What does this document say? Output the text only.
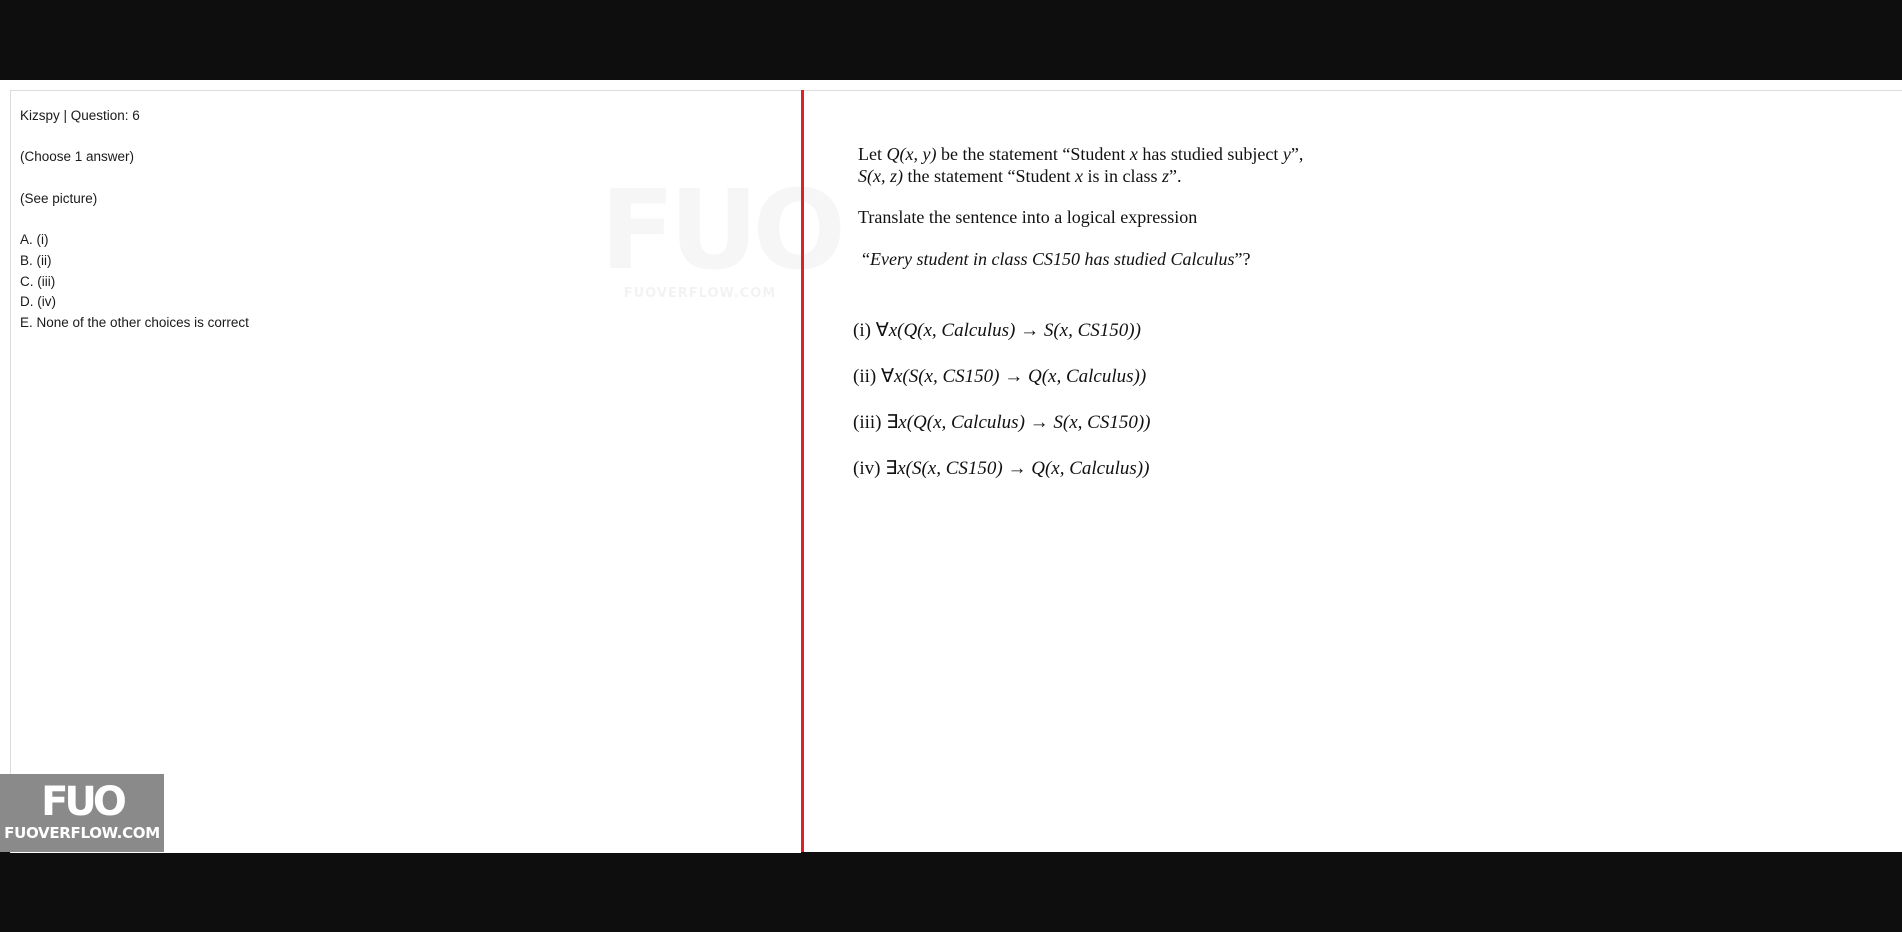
Kizspy | Question: 6
(Choose 1 answer)
(See picture)
A. (i)
B. (ii)
C. (iii)
D. (iv)
E. None of the other choices is correct
Let Q(x, y) be the statement “Student x has studied subject y”,
S(x, z) the statement “Student x is in class z”.
Translate the sentence into a logical expression
“Every student in class CS150 has studied Calculus”?
(i) ∀x(Q(x, Calculus) → S(x, CS150))
(ii) ∀x(S(x, CS150) → Q(x, Calculus))
(iii) ∃x(Q(x, Calculus) → S(x, CS150))
(iv) ∃x(S(x, CS150) → Q(x, Calculus))
FUO
FUOVERFLOW.COM
